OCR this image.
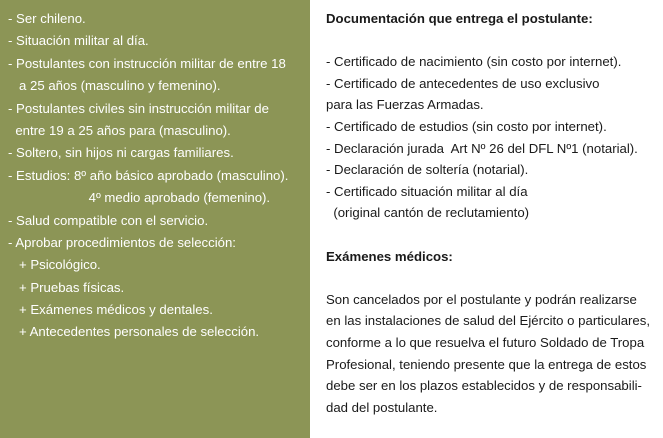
- Ser chileno.
- Situación militar al día.
- Postulantes con instrucción militar de entre 18
a 25 años (masculino y femenino).
- Postulantes civiles sin instrucción militar de
entre 19 a 25 años para (masculino).
- Soltero, sin hijos ni cargas familiares.
- Estudios: 8º año básico aprobado (masculino).
4º medio aprobado (femenino).
- Salud compatible con el servicio.
- Aprobar procedimientos de selección:
+ Psicológico.
+ Pruebas físicas.
+ Exámenes médicos y dentales.
+ Antecedentes personales de selección.
Documentación que entrega el postulante:
- Certificado de nacimiento (sin costo por internet).
- Certificado de antecedentes de uso exclusivo
para las Fuerzas Armadas.
- Certificado de estudios (sin costo por internet).
- Declaración jurada  Art Nº 26 del DFL Nº1 (notarial).
- Declaración de soltería (notarial).
- Certificado situación militar al día
(original cantón de reclutamiento)
Exámenes médicos:
Son cancelados por el postulante y podrán realizarse
en las instalaciones de salud del Ejército o particulares,
conforme a lo que resuelva el futuro Soldado de Tropa
Profesional, teniendo presente que la entrega de estos
debe ser en los plazos establecidos y de responsabili-
dad del postulante.
